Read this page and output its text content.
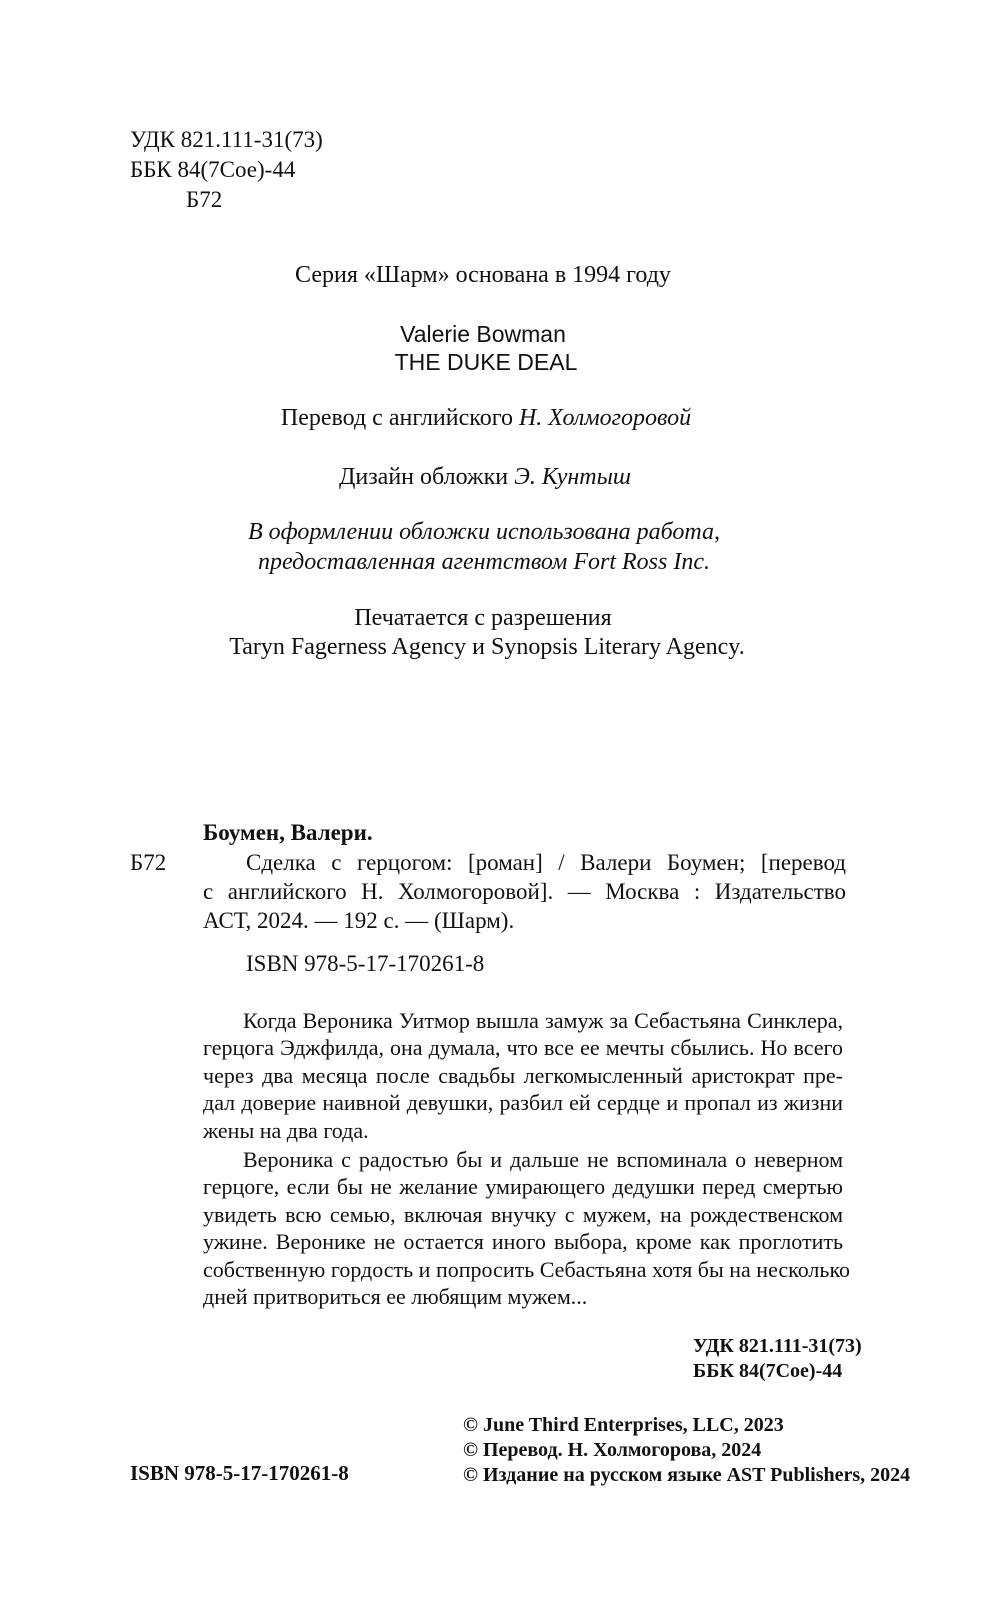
УДК 821.111-31(73)
ББК 84(7Сое)-44
Б72
Серия «Шарм» основана в 1994 году
Valerie Bowman
THE DUKE DEAL
Перевод с английского Н. Холмогоровой
Дизайн обложки Э. Кунтыш
В оформлении обложки использована работа,
предоставленная агентством Fort Ross Inc.
Печатается с разрешения
Taryn Fagerness Agency и Synopsis Literary Agency.
Боумен, Валери.
Б72	Сделка с герцогом: [роман] / Валери Боумен; [перевод
с английского Н. Холмогоровой]. — Москва : Издательство
АСТ, 2024. — 192 с. — (Шарм).
ISBN 978-5-17-170261-8
Когда Вероника Уитмор вышла замуж за Себастьяна Синклера,
герцога Эджфилда, она думала, что все ее мечты сбылись. Но всего
через два месяца после свадьбы легкомысленный аристократ пре-
дал доверие наивной девушки, разбил ей сердце и пропал из жизни
жены на два года.
Вероника с радостью бы и дальше не вспоминала о неверном
герцоге, если бы не желание умирающего дедушки перед смертью
увидеть всю семью, включая внучку с мужем, на рождественском
ужине. Веронике не остается иного выбора, кроме как проглотить
собственную гордость и попросить Себастьяна хотя бы на несколько
дней притвориться ее любящим мужем...
УДК 821.111-31(73)
ББК 84(7Сое)-44
© June Third Enterprises, LLC, 2023
© Перевод. Н. Холмогорова, 2024
© Издание на русском языке AST Publishers, 2024
ISBN 978-5-17-170261-8
